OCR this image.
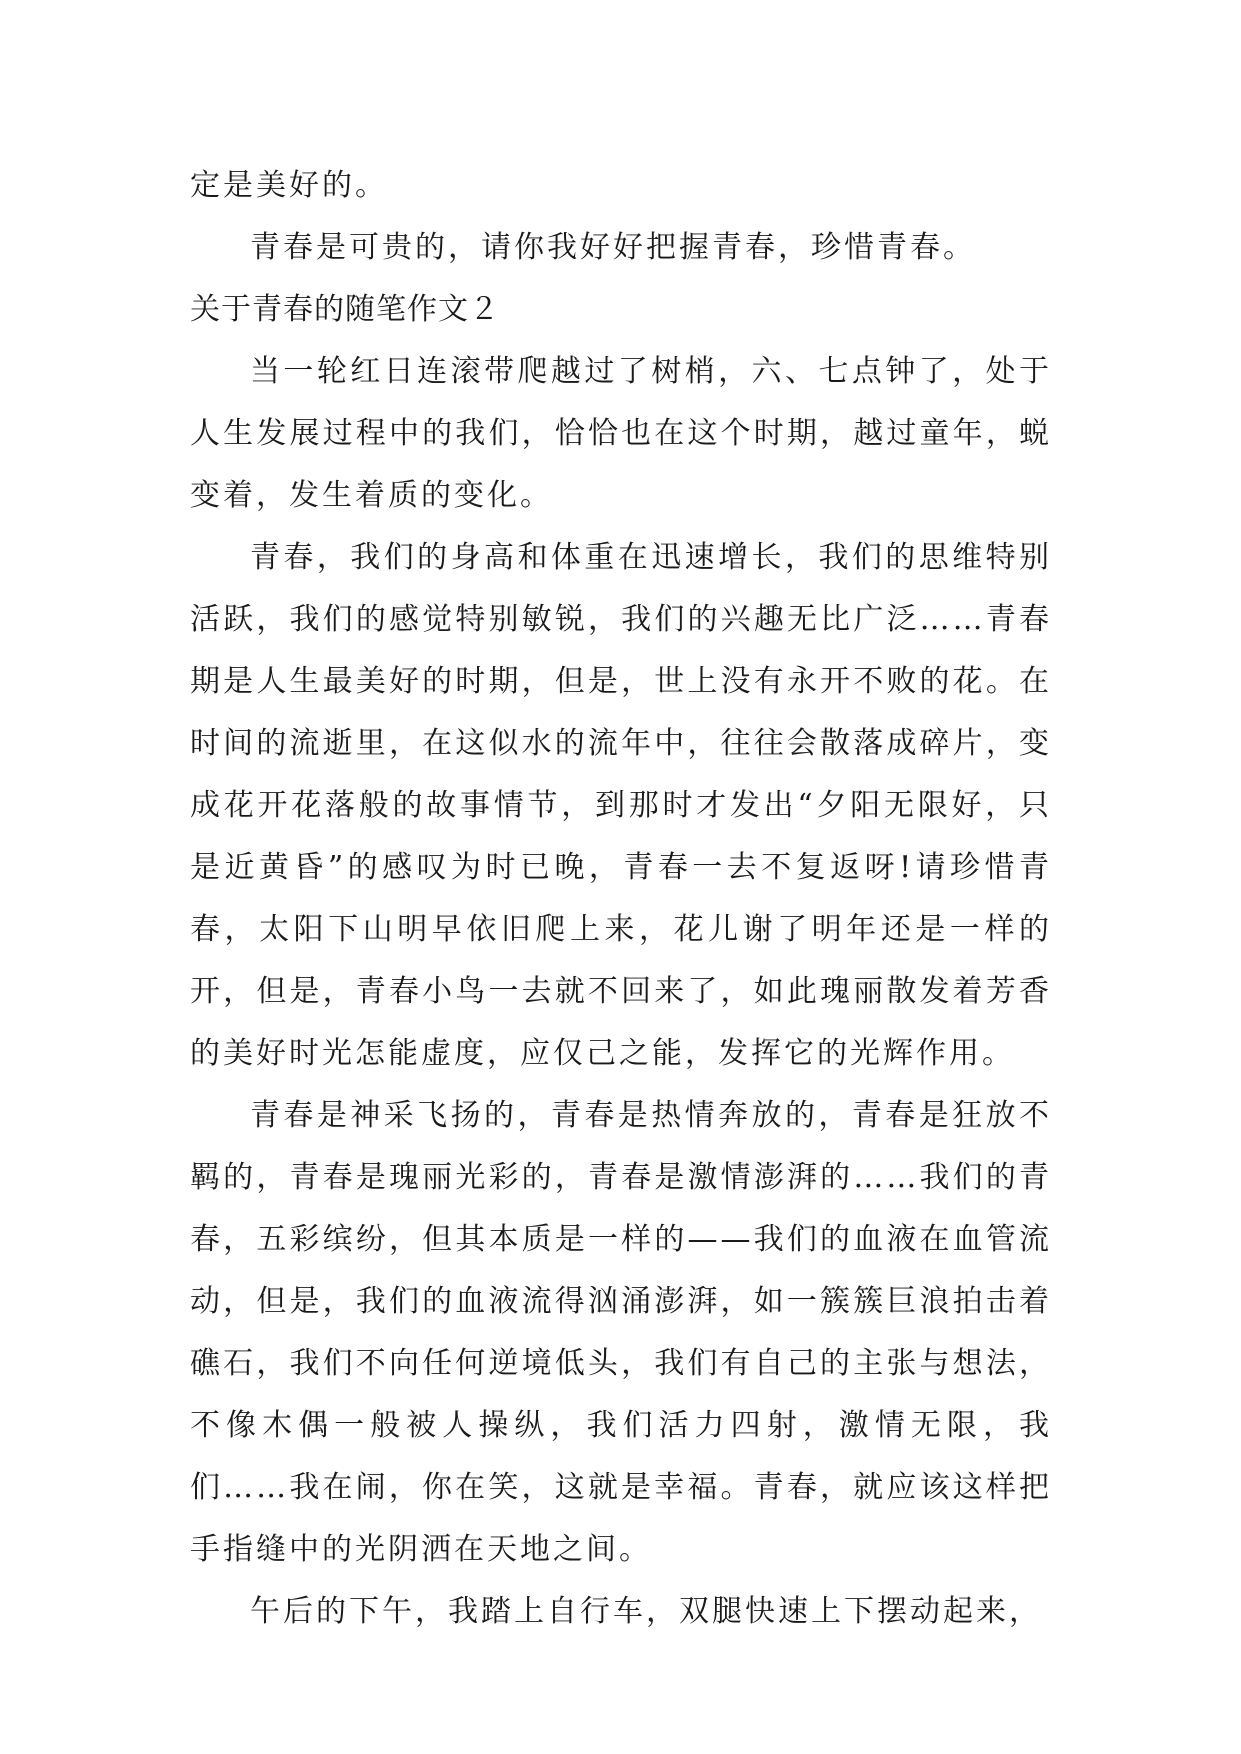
定是美好的。

青春是可贵的，请你我好好把握青春，珍惜青春。

关于青春的随笔作文２

当一轮红日连滚带爬越过了树梢，六、七点钟了，处于人生发展过程中的我们，恰恰也在这个时期，越过童年，蜕变着，发生着质的变化。

青春，我们的身高和体重在迅速增长，我们的思维特别活跃，我们的感觉特别敏锐，我们的兴趣无比广泛……青春期是人生最美好的时期，但是，世上没有永开不败的花。在时间的流逝里，在这似水的流年中，往往会散落成碎片，变成花开花落般的故事情节，到那时才发出“夕阳无限好，只是近黄昏”的感叹为时已晚，青春一去不复返呀!请珍惜青春，太阳下山明早依旧爬上来，花儿谢了明年还是一样的开，但是，青春小鸟一去就不回来了，如此瑰丽散发着芳香的美好时光怎能虚度，应仅己之能，发挥它的光辉作用。

青春是神采飞扬的，青春是热情奔放的，青春是狂放不羁的，青春是瑰丽光彩的，青春是激情澎湃的……我们的青春，五彩缤纷，但其本质是一样的——我们的血液在血管流动，但是，我们的血液流得汹涌澎湃，如一簇簇巨浪拍击着礁石，我们不向任何逆境低头，我们有自己的主张与想法，不像木偶一般被人操纵，我们活力四射，激情无限，我们……我在闹，你在笑，这就是幸福。青春，就应该这样把手指缝中的光阴洒在天地之间。

午后的下午，我踏上自行车，双腿快速上下摆动起来，
